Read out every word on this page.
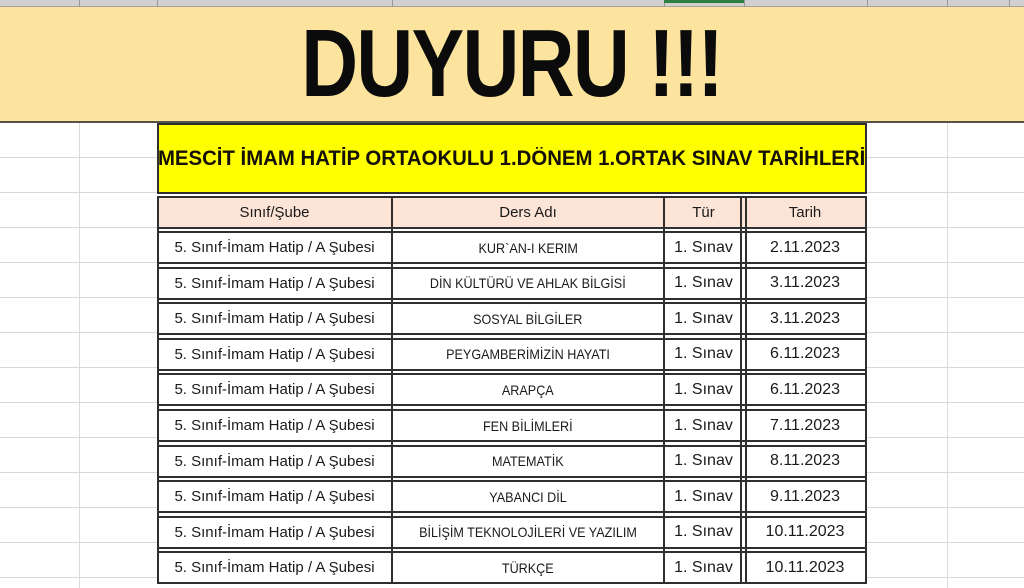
DUYURU !!!
MESCİT İMAM HATİP ORTAOKULU 1.DÖNEM 1.ORTAK SINAV TARİHLERİ
Sınıf/Şube	Ders Adı	Tür	Tarih
5. Sınıf-İmam Hatip / A Şubesi	KUR`AN-I KERIM	1. Sınav	2.11.2023
5. Sınıf-İmam Hatip / A Şubesi	DİN KÜLTÜRÜ VE AHLAK BİLGİSİ	1. Sınav	3.11.2023
5. Sınıf-İmam Hatip / A Şubesi	SOSYAL BİLGİLER	1. Sınav	3.11.2023
5. Sınıf-İmam Hatip / A Şubesi	PEYGAMBERİMİZİN HAYATI	1. Sınav	6.11.2023
5. Sınıf-İmam Hatip / A Şubesi	ARAPÇA	1. Sınav	6.11.2023
5. Sınıf-İmam Hatip / A Şubesi	FEN BİLİMLERİ	1. Sınav	7.11.2023
5. Sınıf-İmam Hatip / A Şubesi	MATEMATİK	1. Sınav	8.11.2023
5. Sınıf-İmam Hatip / A Şubesi	YABANCI DİL	1. Sınav	9.11.2023
5. Sınıf-İmam Hatip / A Şubesi	BİLİŞİM TEKNOLOJİLERİ VE YAZILIM	1. Sınav	10.11.2023
5. Sınıf-İmam Hatip / A Şubesi	TÜRKÇE	1. Sınav	10.11.2023
